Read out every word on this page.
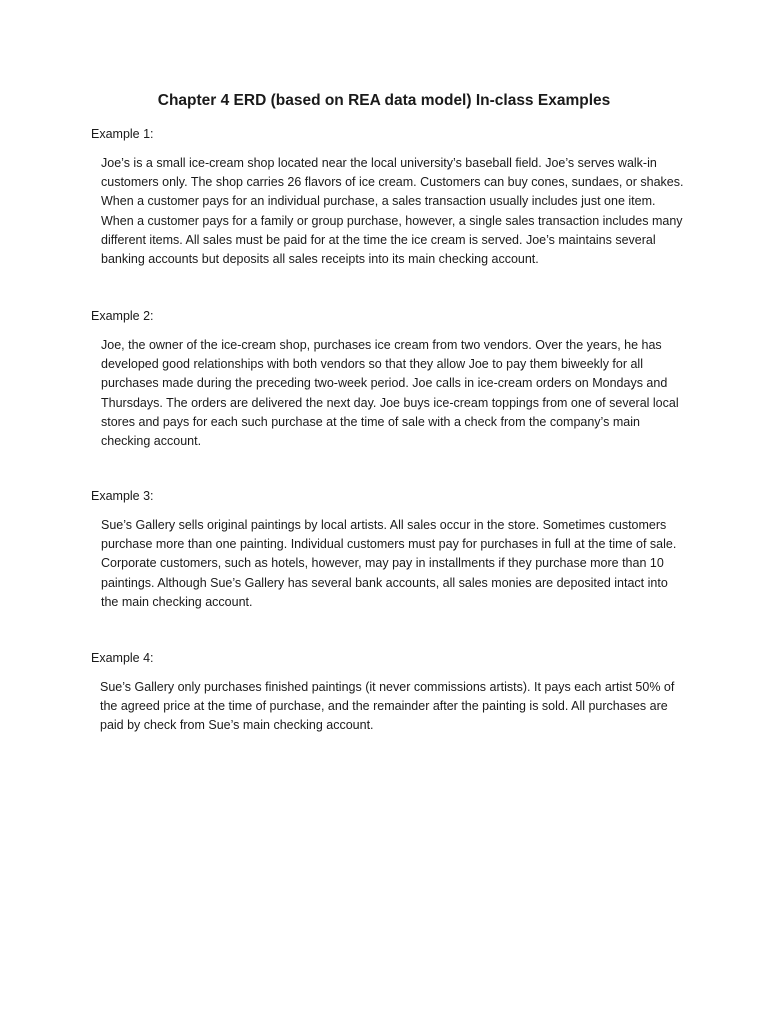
Chapter 4 ERD (based on REA data model) In-class Examples

Example 1:

Joe’s is a small ice-cream shop located near the local university’s baseball field. Joe’s serves walk-in customers only. The shop carries 26 flavors of ice cream. Customers can buy cones, sundaes, or shakes. When a customer pays for an individual purchase, a sales transaction usually includes just one item. When a customer pays for a family or group purchase, however, a single sales transaction includes many different items. All sales must be paid for at the time the ice cream is served. Joe’s maintains several banking accounts but deposits all sales receipts into its main checking account.

Example 2:

Joe, the owner of the ice-cream shop, purchases ice cream from two vendors. Over the years, he has developed good relationships with both vendors so that they allow Joe to pay them biweekly for all purchases made during the preceding two-week period. Joe calls in ice-cream orders on Mondays and Thursdays. The orders are delivered the next day. Joe buys ice-cream toppings from one of several local stores and pays for each such purchase at the time of sale with a check from the company’s main checking account.

Example 3:

Sue’s Gallery sells original paintings by local artists. All sales occur in the store. Sometimes customers purchase more than one painting. Individual customers must pay for purchases in full at the time of sale. Corporate customers, such as hotels, however, may pay in installments if they purchase more than 10 paintings. Although Sue’s Gallery has several bank accounts, all sales monies are deposited intact into the main checking account.

Example 4:

Sue’s Gallery only purchases finished paintings (it never commissions artists). It pays each artist 50% of the agreed price at the time of purchase, and the remainder after the painting is sold. All purchases are paid by check from Sue’s main checking account.
